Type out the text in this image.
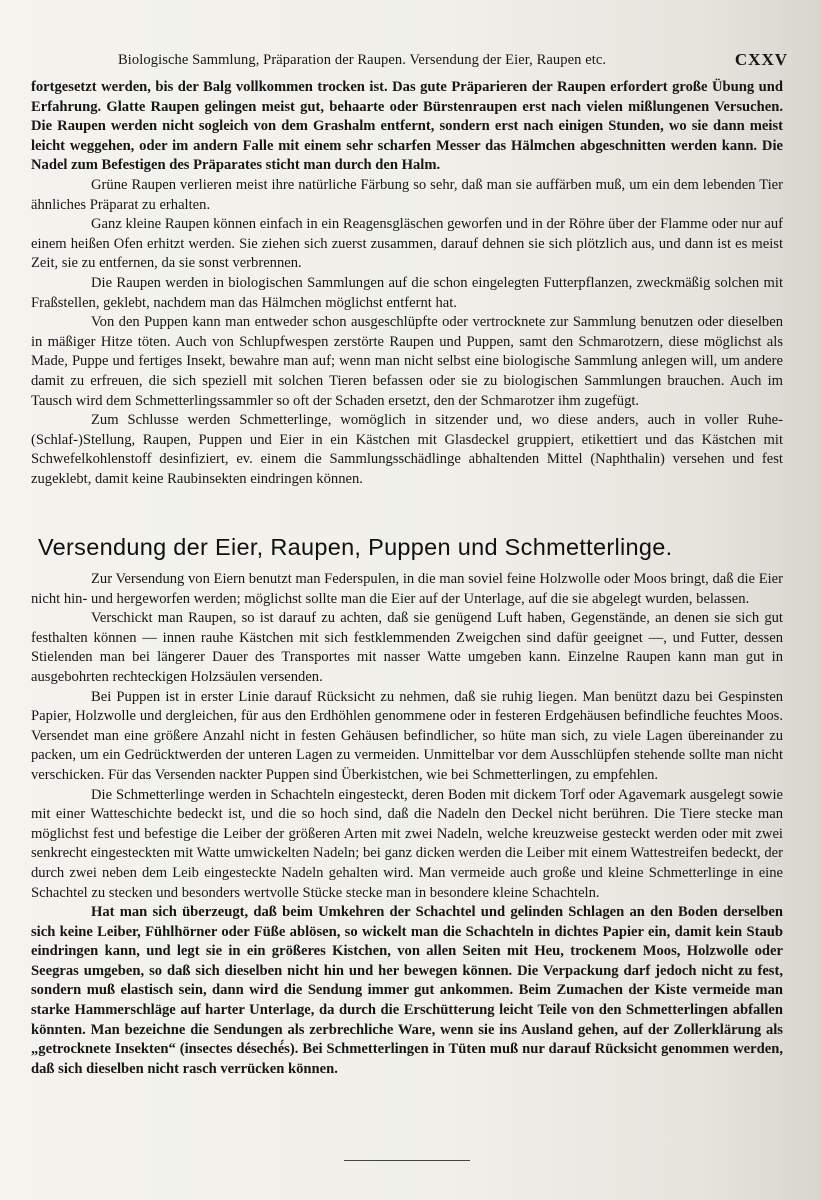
Biologische Sammlung, Präparation der Raupen. Versendung der Eier, Raupen etc.	CXXV

fortgesetzt werden, bis der Balg vollkommen trocken ist. Das gute Präparieren der Raupen erfordert große Übung und Erfahrung. Glatte Raupen gelingen meist gut, behaarte oder Bürstenraupen erst nach vielen mißlungenen Versuchen. Die Raupen werden nicht sogleich von dem Grashalm entfernt, sondern erst nach einigen Stunden, wo sie dann meist leicht weggehen, oder im andern Falle mit einem sehr scharfen Messer das Hälmchen abgeschnitten werden kann. Die Nadel zum Befestigen des Präparates sticht man durch den Halm.

Grüne Raupen verlieren meist ihre natürliche Färbung so sehr, daß man sie auffärben muß, um ein dem lebenden Tier ähnliches Präparat zu erhalten.

Ganz kleine Raupen können einfach in ein Reagensgläschen geworfen und in der Röhre über der Flamme oder nur auf einem heißen Ofen erhitzt werden. Sie ziehen sich zuerst zusammen, darauf dehnen sie sich plötzlich aus, und dann ist es meist Zeit, sie zu entfernen, da sie sonst verbrennen.

Die Raupen werden in biologischen Sammlungen auf die schon eingelegten Futterpflanzen, zweckmäßig solchen mit Fraßstellen, geklebt, nachdem man das Hälmchen möglichst entfernt hat.

Von den Puppen kann man entweder schon ausgeschlüpfte oder vertrocknete zur Sammlung benutzen oder dieselben in mäßiger Hitze töten. Auch von Schlupfwespen zerstörte Raupen und Puppen, samt den Schmarotzern, diese möglichst als Made, Puppe und fertiges Insekt, bewahre man auf; wenn man nicht selbst eine biologische Sammlung anlegen will, um andere damit zu erfreuen, die sich speziell mit solchen Tieren befassen oder sie zu biologischen Sammlungen brauchen. Auch im Tausch wird dem Schmetterlingssammler so oft der Schaden ersetzt, den der Schmarotzer ihm zugefügt.

Zum Schlusse werden Schmetterlinge, womöglich in sitzender und, wo diese anders, auch in voller Ruhe-(Schlaf-)Stellung, Raupen, Puppen und Eier in ein Kästchen mit Glasdeckel gruppiert, etikettiert und das Kästchen mit Schwefelkohlenstoff desinfiziert, ev. einem die Sammlungsschädlinge abhaltenden Mittel (Naphthalin) versehen und fest zugeklebt, damit keine Raubinsekten eindringen können.

Versendung der Eier, Raupen, Puppen und Schmetterlinge.

Zur Versendung von Eiern benutzt man Federspulen, in die man soviel feine Holzwolle oder Moos bringt, daß die Eier nicht hin- und hergeworfen werden; möglichst sollte man die Eier auf der Unterlage, auf die sie abgelegt wurden, belassen.

Verschickt man Raupen, so ist darauf zu achten, daß sie genügend Luft haben, Gegenstände, an denen sie sich gut festhalten können — innen rauhe Kästchen mit sich festklemmenden Zweigchen sind dafür geeignet —, und Futter, dessen Stielenden man bei längerer Dauer des Transportes mit nasser Watte umgeben kann. Einzelne Raupen kann man gut in ausgebohrten rechteckigen Holzsäulen versenden.

Bei Puppen ist in erster Linie darauf Rücksicht zu nehmen, daß sie ruhig liegen. Man benützt dazu bei Gespinsten Papier, Holzwolle und dergleichen, für aus den Erdhöhlen genommene oder in festeren Erdgehäusen befindliche feuchtes Moos. Versendet man eine größere Anzahl nicht in festen Gehäusen befindlicher, so hüte man sich, zu viele Lagen übereinander zu packen, um ein Gedrücktwerden der unteren Lagen zu vermeiden. Unmittelbar vor dem Ausschlüpfen stehende sollte man nicht verschicken. Für das Versenden nackter Puppen sind Überkistchen, wie bei Schmetterlingen, zu empfehlen.

Die Schmetterlinge werden in Schachteln eingesteckt, deren Boden mit dickem Torf oder Agavemark ausgelegt sowie mit einer Watteschichte bedeckt ist, und die so hoch sind, daß die Nadeln den Deckel nicht berühren. Die Tiere stecke man möglichst fest und befestige die Leiber der größeren Arten mit zwei Nadeln, welche kreuzweise gesteckt werden oder mit zwei senkrecht eingesteckten mit Watte umwickelten Nadeln; bei ganz dicken werden die Leiber mit einem Wattestreifen bedeckt, der durch zwei neben dem Leib eingesteckte Nadeln gehalten wird. Man vermeide auch große und kleine Schmetterlinge in eine Schachtel zu stecken und besonders wertvolle Stücke stecke man in besondere kleine Schachteln.

Hat man sich überzeugt, daß beim Umkehren der Schachtel und gelinden Schlagen an den Boden derselben sich keine Leiber, Fühlhörner oder Füße ablösen, so wickelt man die Schachteln in dichtes Papier ein, damit kein Staub eindringen kann, und legt sie in ein größeres Kistchen, von allen Seiten mit Heu, trockenem Moos, Holzwolle oder Seegras umgeben, so daß sich dieselben nicht hin und her bewegen können. Die Verpackung darf jedoch nicht zu fest, sondern muß elastisch sein, dann wird die Sendung immer gut ankommen. Beim Zumachen der Kiste vermeide man starke Hammerschläge auf harter Unterlage, da durch die Erschütterung leicht Teile von den Schmetterlingen abfallen könnten. Man bezeichne die Sendungen als zerbrechliche Ware, wenn sie ins Ausland gehen, auf der Zollerklärung als „getrocknete Insekten“ (insectes déseché́s). Bei Schmetterlingen in Tüten muß nur darauf Rücksicht genommen werden, daß sich dieselben nicht rasch verrücken können.
